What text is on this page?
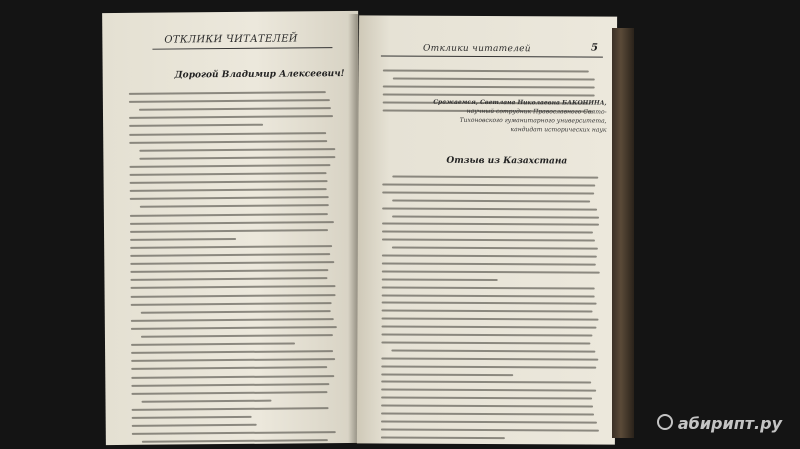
ОТКЛИКИ ЧИТАТЕЛЕЙ
Дорогой Владимир Алексеевич!
Отклики читателей	5
Сражаемся, Светлана Николаевна БАКОНИНА,
научный сотрудник Православного Свято-
Тихоновского гуманитарного университета,
кандидат исторических наук
Отзыв из Казахстана
абирипт.ру
